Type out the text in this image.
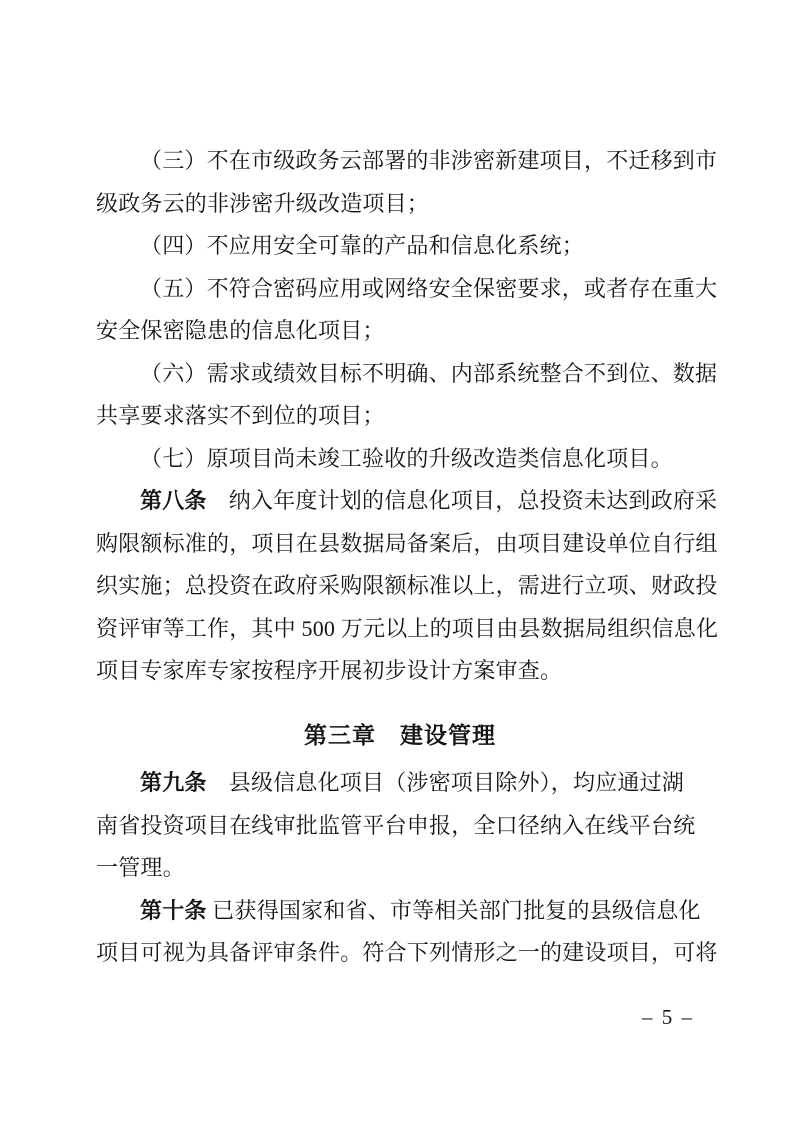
（三）不在市级政务云部署的非涉密新建项目，不迁移到市
级政务云的非涉密升级改造项目；
（四）不应用安全可靠的产品和信息化系统；
（五）不符合密码应用或网络安全保密要求，或者存在重大
安全保密隐患的信息化项目；
（六）需求或绩效目标不明确、内部系统整合不到位、数据
共享要求落实不到位的项目；
（七）原项目尚未竣工验收的升级改造类信息化项目。
第八条　纳入年度计划的信息化项目，总投资未达到政府采
购限额标准的，项目在县数据局备案后，由项目建设单位自行组
织实施；总投资在政府采购限额标准以上，需进行立项、财政投
资评审等工作，其中 500 万元以上的项目由县数据局组织信息化
项目专家库专家按程序开展初步设计方案审查。
第三章　建设管理
第九条　县级信息化项目（涉密项目除外），均应通过湖
南省投资项目在线审批监管平台申报，全口径纳入在线平台统
一管理。
第十条 已获得国家和省、市等相关部门批复的县级信息化
项目可视为具备评审条件。符合下列情形之一的建设项目，可将
– 5 –
